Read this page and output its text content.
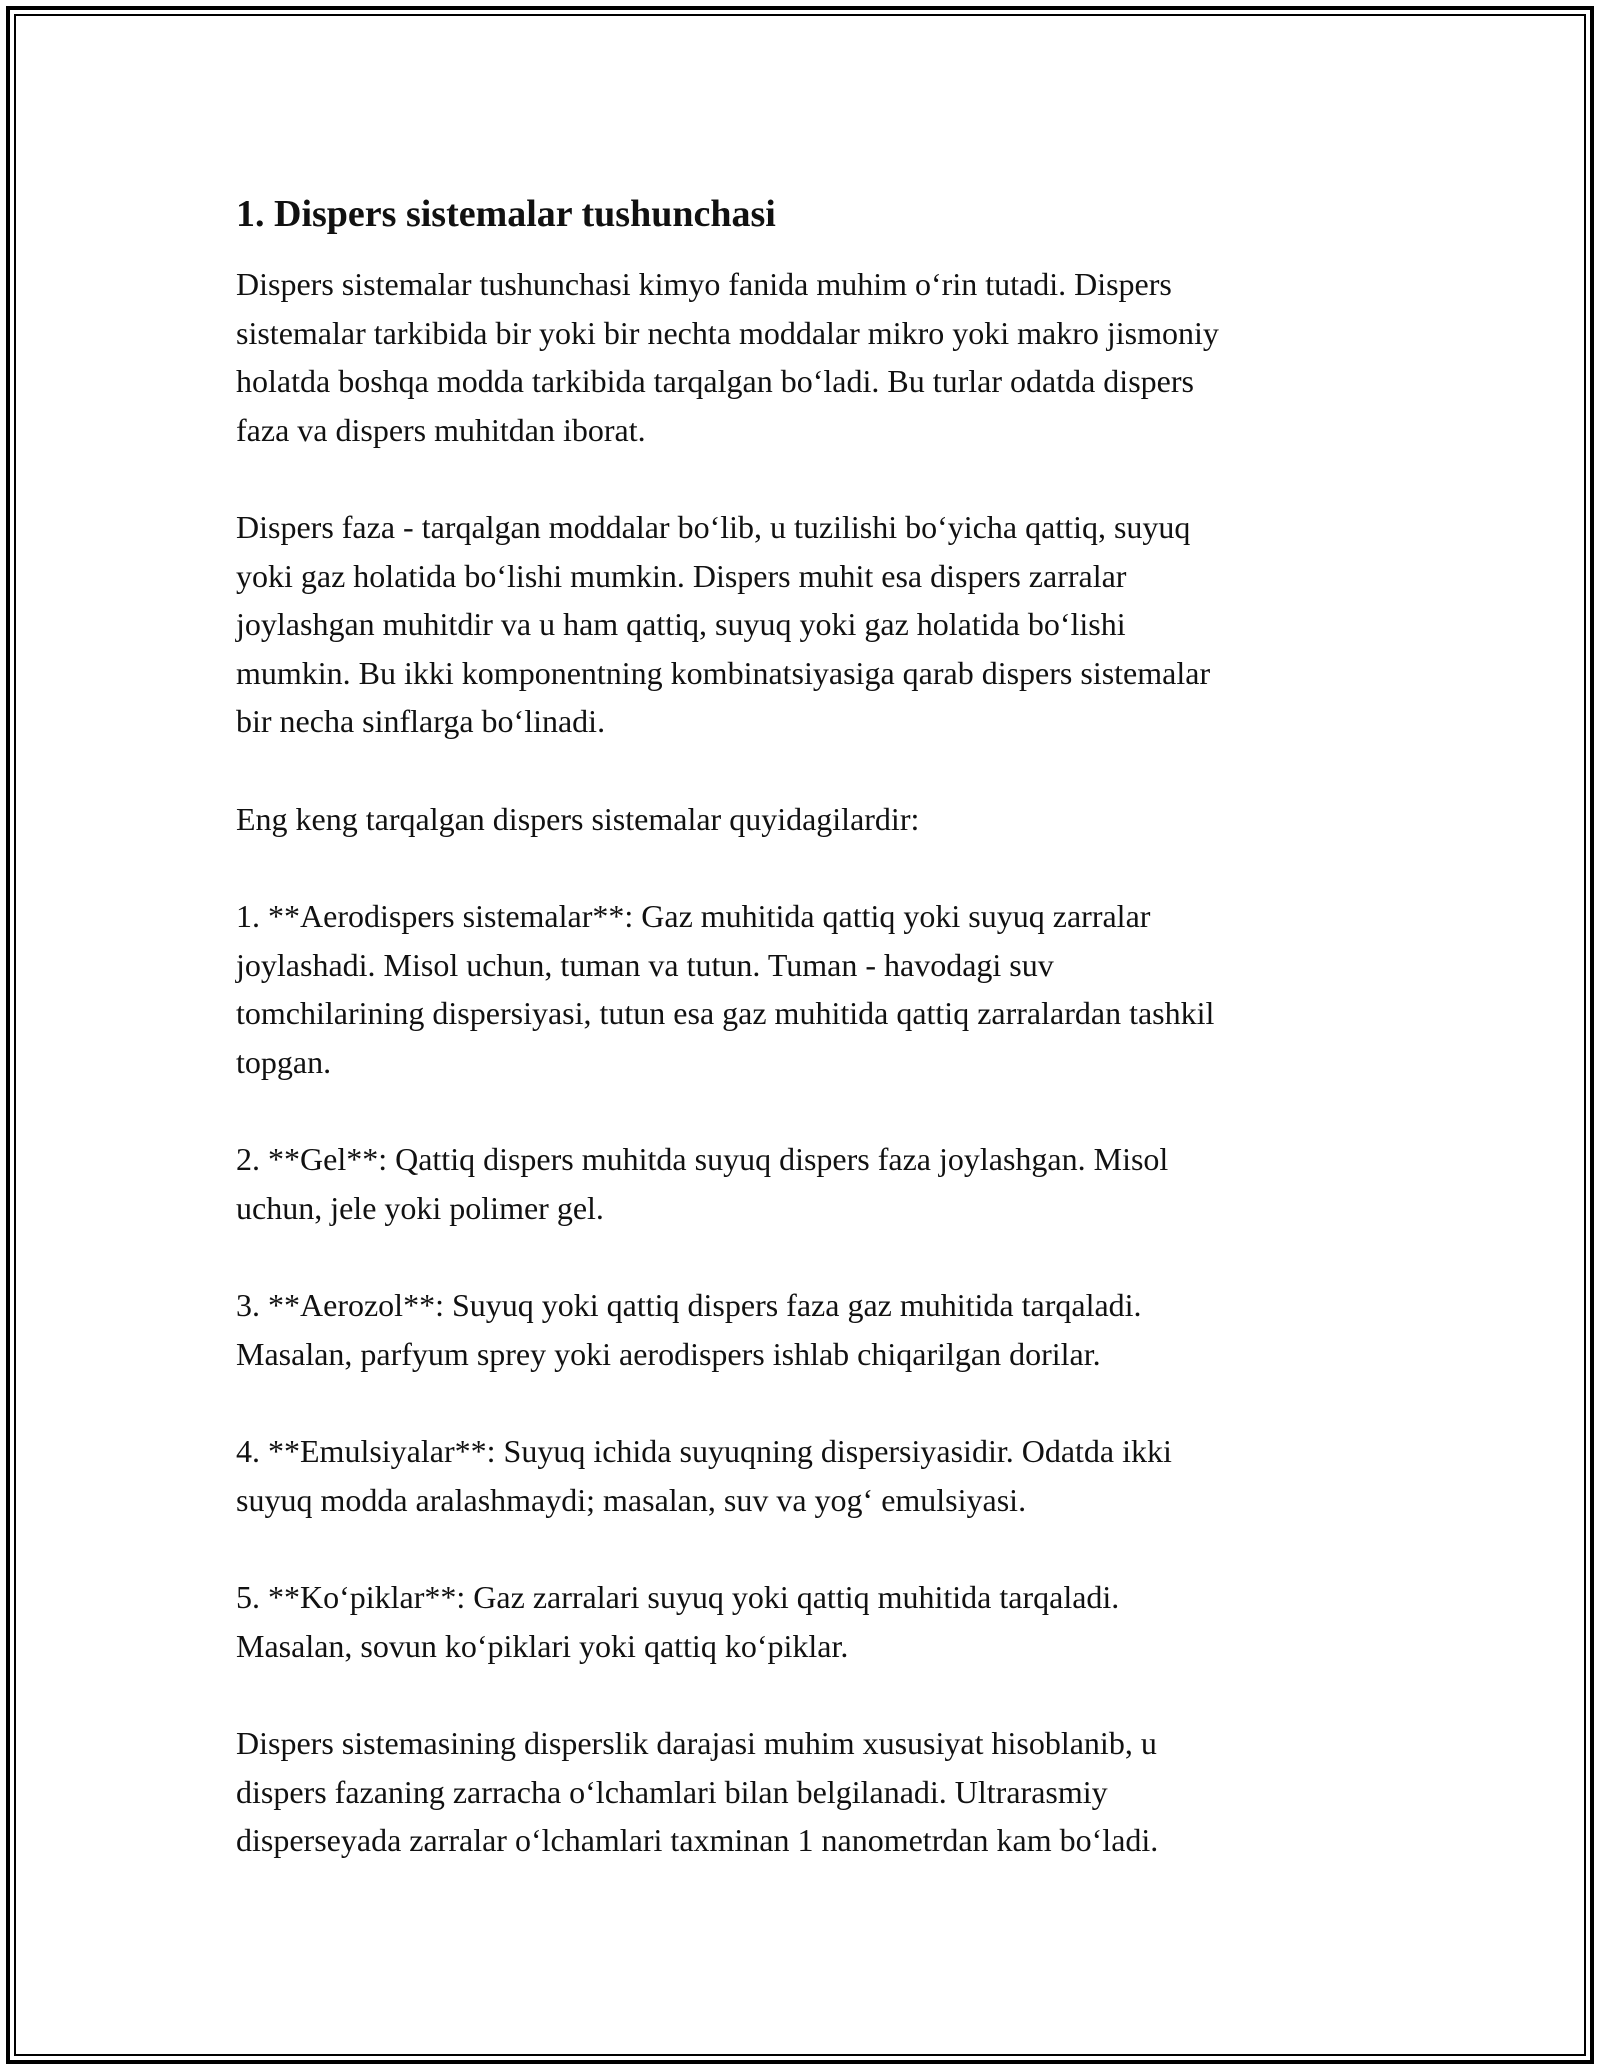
1. Dispers sistemalar tushunchasi

Dispers sistemalar tushunchasi kimyo fanida muhim o‘rin tutadi. Dispers
sistemalar tarkibida bir yoki bir nechta moddalar mikro yoki makro jismoniy
holatda boshqa modda tarkibida tarqalgan bo‘ladi. Bu turlar odatda dispers
faza va dispers muhitdan iborat.

Dispers faza - tarqalgan moddalar bo‘lib, u tuzilishi bo‘yicha qattiq, suyuq
yoki gaz holatida bo‘lishi mumkin. Dispers muhit esa dispers zarralar
joylashgan muhitdir va u ham qattiq, suyuq yoki gaz holatida bo‘lishi
mumkin. Bu ikki komponentning kombinatsiyasiga qarab dispers sistemalar
bir necha sinflarga bo‘linadi.

Eng keng tarqalgan dispers sistemalar quyidagilardir:

1. **Aerodispers sistemalar**: Gaz muhitida qattiq yoki suyuq zarralar
joylashadi. Misol uchun, tuman va tutun. Tuman - havodagi suv
tomchilarining dispersiyasi, tutun esa gaz muhitida qattiq zarralardan tashkil
topgan.

2. **Gel**: Qattiq dispers muhitda suyuq dispers faza joylashgan. Misol
uchun, jele yoki polimer gel.

3. **Aerozol**: Suyuq yoki qattiq dispers faza gaz muhitida tarqaladi.
Masalan, parfyum sprey yoki aerodispers ishlab chiqarilgan dorilar.

4. **Emulsiyalar**: Suyuq ichida suyuqning dispersiyasidir. Odatda ikki
suyuq modda aralashmaydi; masalan, suv va yog‘ emulsiyasi.

5. **Ko‘piklar**: Gaz zarralari suyuq yoki qattiq muhitida tarqaladi.
Masalan, sovun ko‘piklari yoki qattiq ko‘piklar.

Dispers sistemasining disperslik darajasi muhim xususiyat hisoblanib, u
dispers fazaning zarracha o‘lchamlari bilan belgilanadi. Ultrarasmiy
disperseyada zarralar o‘lchamlari taxminan 1 nanometrdan kam bo‘ladi.
